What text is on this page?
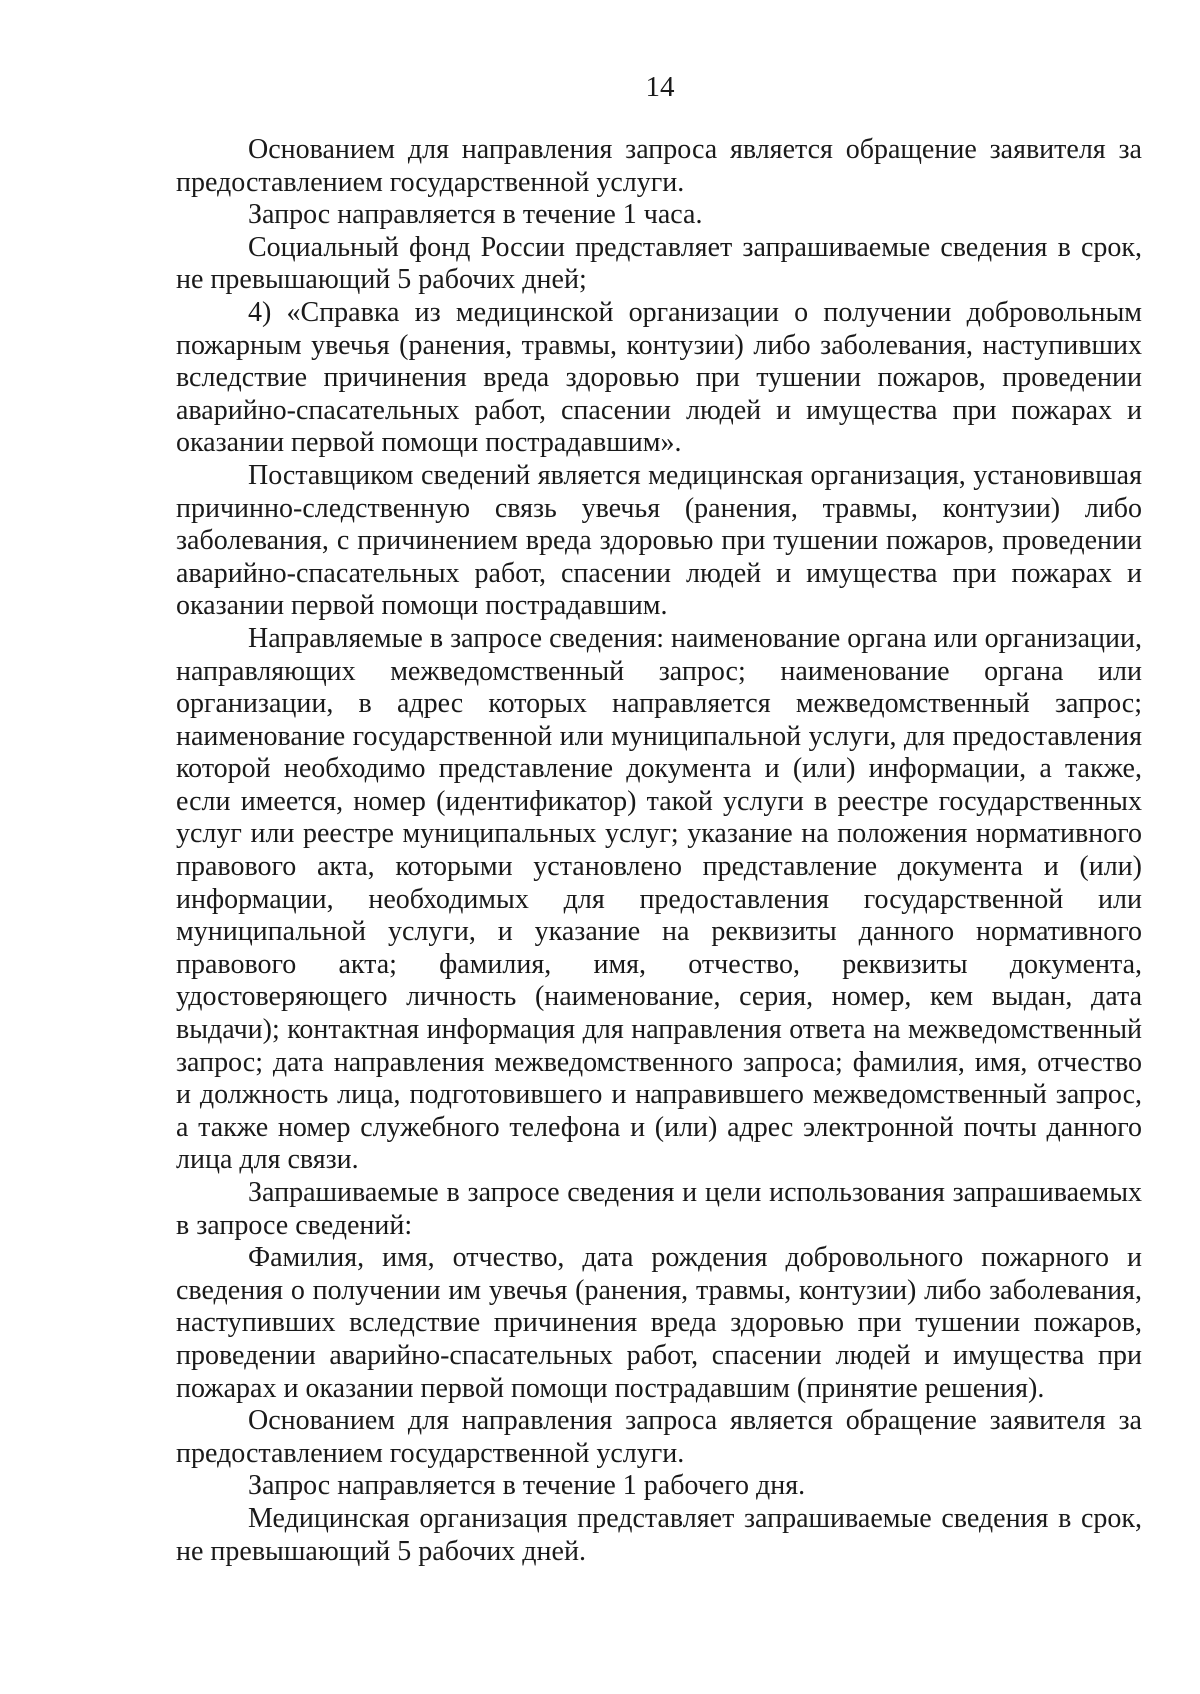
14

Основанием для направления запроса является обращение заявителя за предоставлением государственной услуги.

Запрос направляется в течение 1 часа.

Социальный фонд России представляет запрашиваемые сведения в срок, не превышающий 5 рабочих дней;

4) «Справка из медицинской организации о получении добровольным пожарным увечья (ранения, травмы, контузии) либо заболевания, наступивших вследствие причинения вреда здоровью при тушении пожаров, проведении аварийно-спасательных работ, спасении людей и имущества при пожарах и оказании первой помощи пострадавшим».

Поставщиком сведений является медицинская организация, установившая причинно-следственную связь увечья (ранения, травмы, контузии) либо заболевания, с причинением вреда здоровью при тушении пожаров, проведении аварийно-спасательных работ, спасении людей и имущества при пожарах и оказании первой помощи пострадавшим.

Направляемые в запросе сведения: наименование органа или организации, направляющих межведомственный запрос; наименование органа или организации, в адрес которых направляется межведомственный запрос; наименование государственной или муниципальной услуги, для предоставления которой необходимо представление документа и (или) информации, а также, если имеется, номер (идентификатор) такой услуги в реестре государственных услуг или реестре муниципальных услуг; указание на положения нормативного правового акта, которыми установлено представление документа и (или) информации, необходимых для предоставления государственной или муниципальной услуги, и указание на реквизиты данного нормативного правового акта; фамилия, имя, отчество, реквизиты документа, удостоверяющего личность (наименование, серия, номер, кем выдан, дата выдачи); контактная информация для направления ответа на межведомственный запрос; дата направления межведомственного запроса; фамилия, имя, отчество и должность лица, подготовившего и направившего межведомственный запрос, а также номер служебного телефона и (или) адрес электронной почты данного лица для связи.

Запрашиваемые в запросе сведения и цели использования запрашиваемых в запросе сведений:

Фамилия, имя, отчество, дата рождения добровольного пожарного и сведения о получении им увечья (ранения, травмы, контузии) либо заболевания, наступивших вследствие причинения вреда здоровью при тушении пожаров, проведении аварийно-спасательных работ, спасении людей и имущества при пожарах и оказании первой помощи пострадавшим (принятие решения).

Основанием для направления запроса является обращение заявителя за предоставлением государственной услуги.

Запрос направляется в течение 1 рабочего дня.

Медицинская организация представляет запрашиваемые сведения в срок, не превышающий 5 рабочих дней.
